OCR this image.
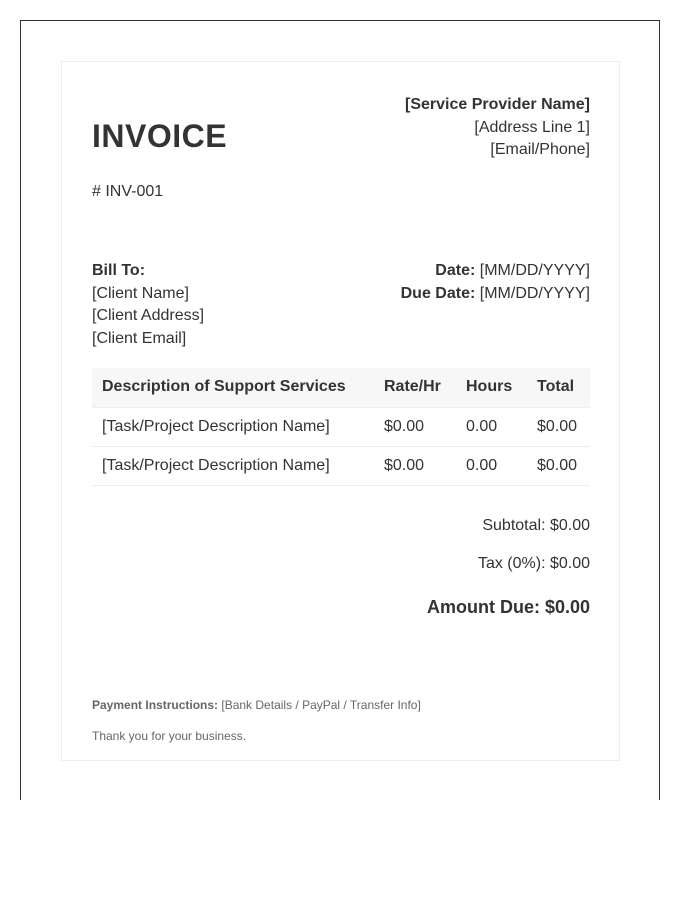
INVOICE
# INV-001
[Service Provider Name]
[Address Line 1]
[Email/Phone]
Bill To:
[Client Name]
[Client Address]
[Client Email]
Date: [MM/DD/YYYY]
Due Date: [MM/DD/YYYY]
Description of Support Services	Rate/Hr	Hours	Total
[Task/Project Description Name]	$0.00	0.00	$0.00
[Task/Project Description Name]	$0.00	0.00	$0.00
Subtotal: $0.00
Tax (0%): $0.00
Amount Due: $0.00
Payment Instructions: [Bank Details / PayPal / Transfer Info]
Thank you for your business.
